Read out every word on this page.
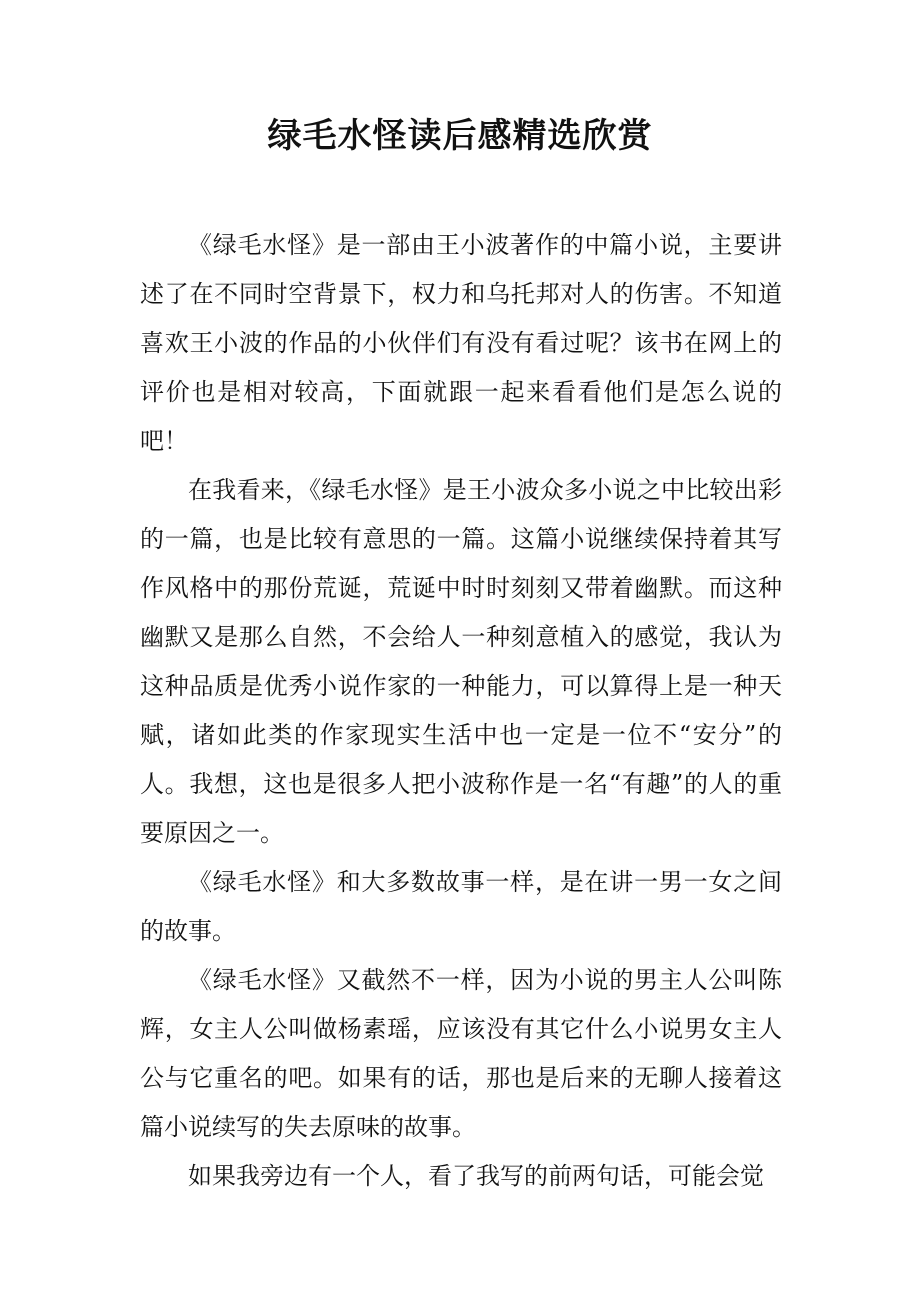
绿毛水怪读后感精选欣赏

《绿毛水怪》是一部由王小波著作的中篇小说，主要讲述了在不同时空背景下，权力和乌托邦对人的伤害。不知道喜欢王小波的作品的小伙伴们有没有看过呢？该书在网上的评价也是相对较高，下面就跟一起来看看他们是怎么说的吧！

在我看来，《绿毛水怪》是王小波众多小说之中比较出彩的一篇，也是比较有意思的一篇。这篇小说继续保持着其写作风格中的那份荒诞，荒诞中时时刻刻又带着幽默。而这种幽默又是那么自然，不会给人一种刻意植入的感觉，我认为这种品质是优秀小说作家的一种能力，可以算得上是一种天赋，诸如此类的作家现实生活中也一定是一位不“安分”的人。我想，这也是很多人把小波称作是一名“有趣”的人的重要原因之一。

《绿毛水怪》和大多数故事一样，是在讲一男一女之间的故事。

《绿毛水怪》又截然不一样，因为小说的男主人公叫陈辉，女主人公叫做杨素瑶，应该没有其它什么小说男女主人公与它重名的吧。如果有的话，那也是后来的无聊人接着这篇小说续写的失去原味的故事。

如果我旁边有一个人，看了我写的前两句话，可能会觉
